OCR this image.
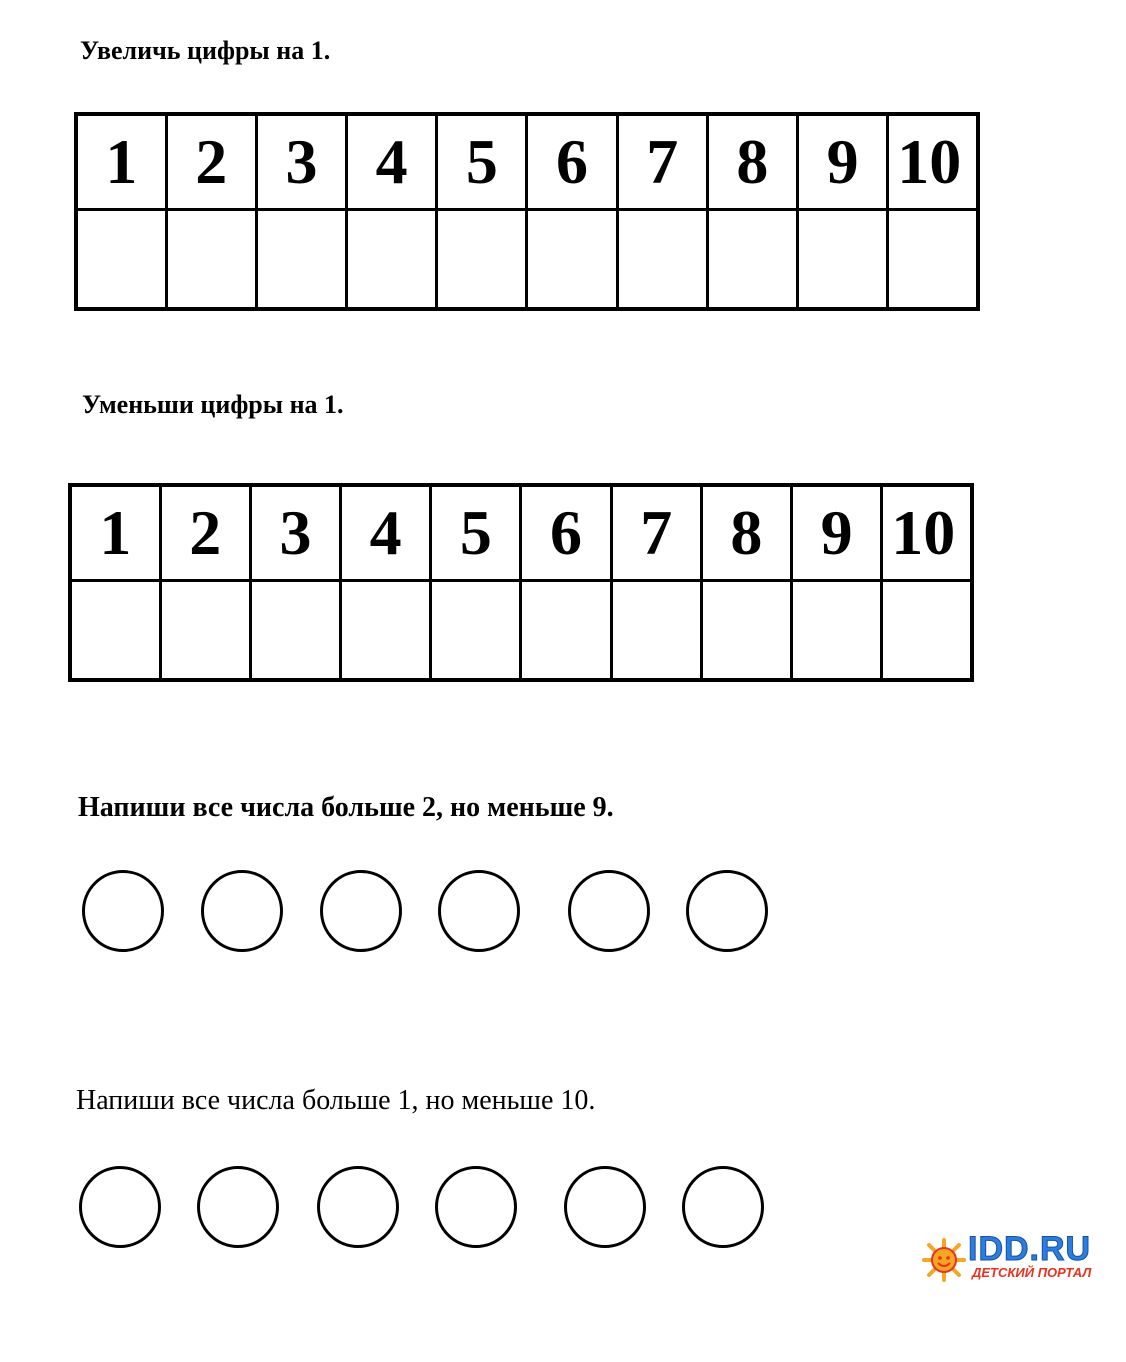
Увеличь цифры на 1.
1	2	3	4	5	6	7	8	9	10

Уменьши цифры на 1.
1	2	3	4	5	6	7	8	9	10

Напиши все числа больше 2, но меньше 9.
Напиши все числа больше 1, но меньше 10.
IDD.RU
ДЕТСКИЙ ПОРТАЛ
